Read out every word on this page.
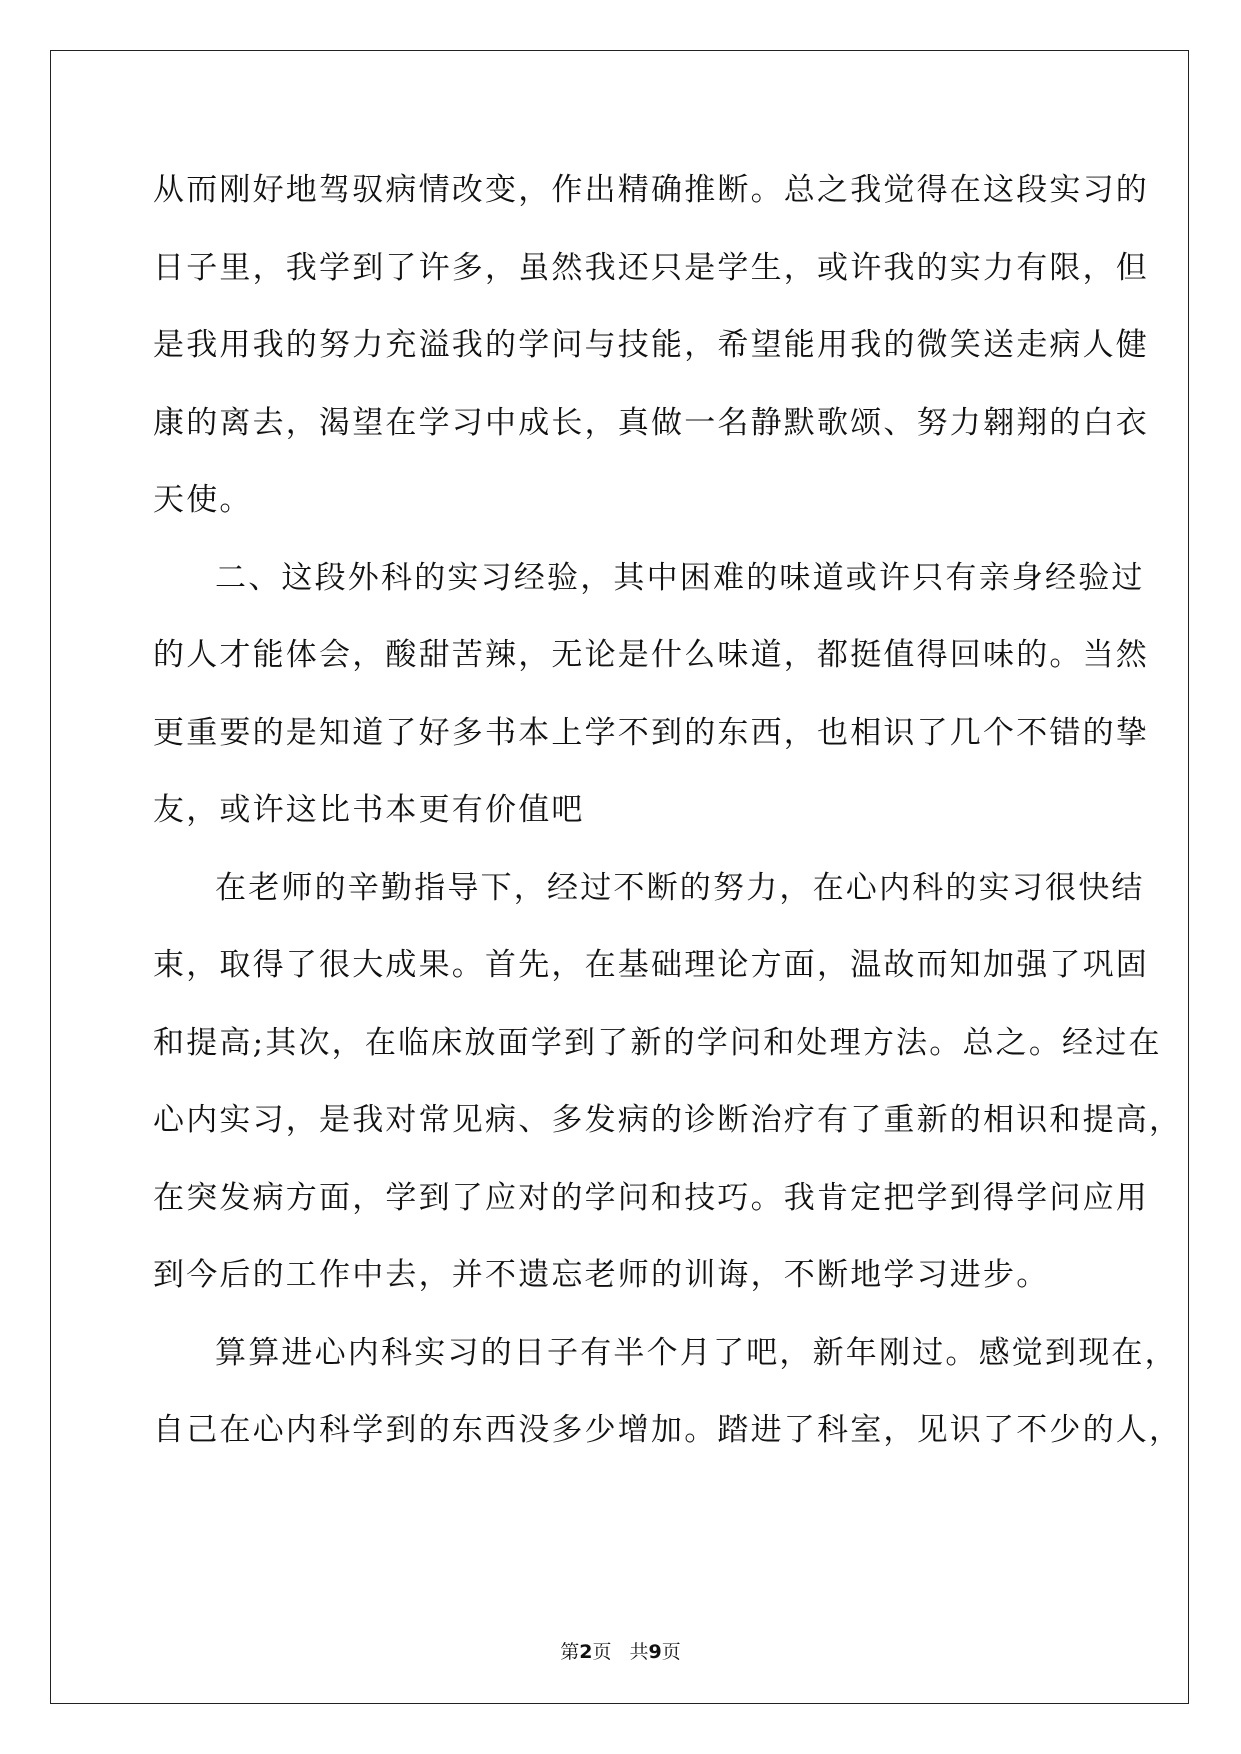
从而刚好地驾驭病情改变，作出精确推断。总之我觉得在这段实习的
日子里，我学到了许多，虽然我还只是学生，或许我的实力有限，但
是我用我的努力充溢我的学问与技能，希望能用我的微笑送走病人健
康的离去，渴望在学习中成长，真做一名静默歌颂、努力翱翔的白衣
天使。
二、这段外科的实习经验，其中困难的味道或许只有亲身经验过
的人才能体会，酸甜苦辣，无论是什么味道，都挺值得回味的。当然
更重要的是知道了好多书本上学不到的东西，也相识了几个不错的挚
友，或许这比书本更有价值吧
在老师的辛勤指导下，经过不断的努力，在心内科的实习很快结
束，取得了很大成果。首先，在基础理论方面，温故而知加强了巩固
和提高;其次，在临床放面学到了新的学问和处理方法。总之。经过在
心内实习，是我对常见病、多发病的诊断治疗有了重新的相识和提高，
在突发病方面，学到了应对的学问和技巧。我肯定把学到得学问应用
到今后的工作中去，并不遗忘老师的训诲，不断地学习进步。
算算进心内科实习的日子有半个月了吧，新年刚过。感觉到现在，
自己在心内科学到的东西没多少增加。踏进了科室，见识了不少的人，
第2页 共9页
